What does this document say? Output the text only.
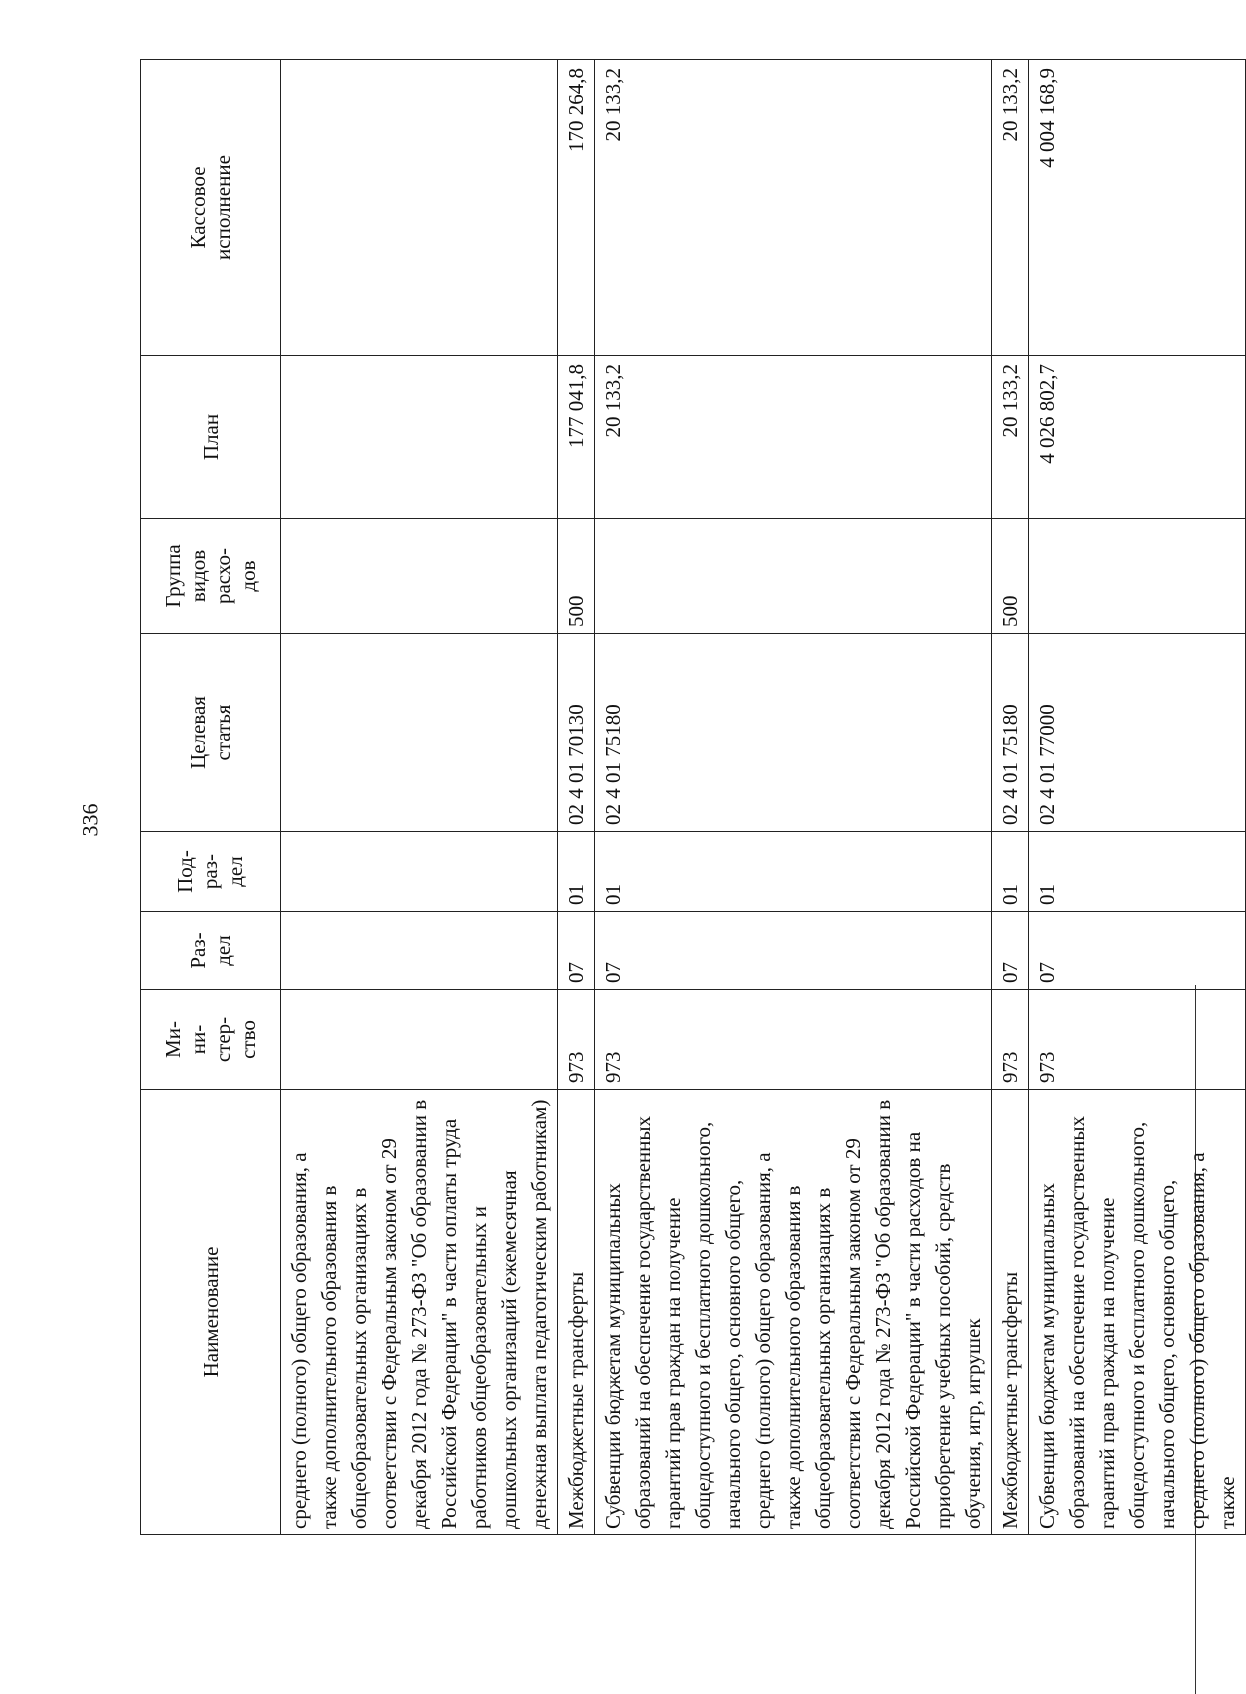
336
Наименование	Ми-
ни-
стер-
ство	Раз-
дел	Под-
раз-
дел	Целевая
статья	Группа
видов
расхо-
дов	План	Кассовое
исполнение

среднего (полного) общего образования, а также дополнительного образования в общеобразовательных организациях в соответствии с Федеральным законом от 29 декабря 2012 года № 273-ФЗ "Об образовании в Российской Федерации" в части оплаты труда работников общеобразовательных и дошкольных организаций (ежемесячная денежная выплата педагогическим работникам)							
Межбюджетные трансферты	973	07	01	02 4 01 70130	500	177 041,8	170 264,8
Субвенции бюджетам муниципальных образований на обеспечение государственных гарантий прав граждан на получение общедоступного и бесплатного дошкольного, начального общего, основного общего, среднего (полного) общего образования, а также дополнительного образования в общеобразовательных организациях в соответствии с Федеральным законом от 29 декабря 2012 года № 273-ФЗ "Об образовании в Российской Федерации" в части расходов на приобретение учебных пособий, средств обучения, игр, игрушек	973	07	01	02 4 01 75180		20 133,2	20 133,2
Межбюджетные трансферты	973	07	01	02 4 01 75180	500	20 133,2	20 133,2
Субвенции бюджетам муниципальных образований на обеспечение государственных гарантий прав граждан на получение общедоступного и бесплатного дошкольного, начального общего, основного общего, среднего (полного) общего образования, а также	973	07	01	02 4 01 77000		4 026 802,7	4 004 168,9
